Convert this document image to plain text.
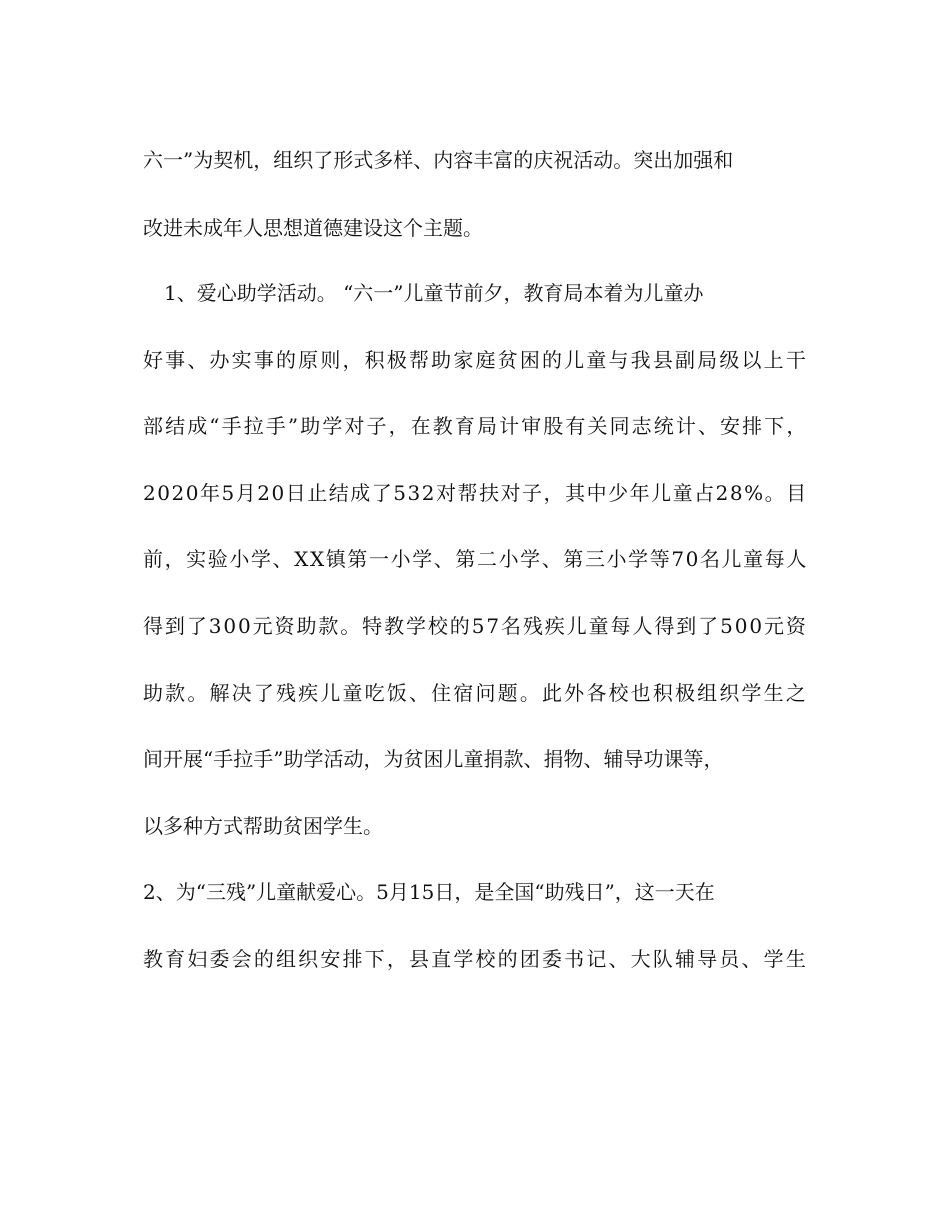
六一”为契机，组织了形式多样、内容丰富的庆祝活动。突出加强和
改进未成年人思想道德建设这个主题。
1、爱心助学活动。 “六一”儿童节前夕，教育局本着为儿童办
好事、办实事的原则，积极帮助家庭贫困的儿童与我县副局级以上干
部结成“手拉手”助学对子，在教育局计审股有关同志统计、安排下，
2020年5月20日止结成了532对帮扶对子，其中少年儿童占28%。目
前，实验小学、XX镇第一小学、第二小学、第三小学等70名儿童每人
得到了300元资助款。特教学校的57名残疾儿童每人得到了500元资
助款。解决了残疾儿童吃饭、住宿问题。此外各校也积极组织学生之
间开展“手拉手”助学活动，为贫困儿童捐款、捐物、辅导功课等，
以多种方式帮助贫困学生。
2、为“三残”儿童献爱心。5月15日，是全国“助残日”，这一天在
教育妇委会的组织安排下，县直学校的团委书记、大队辅导员、学生
